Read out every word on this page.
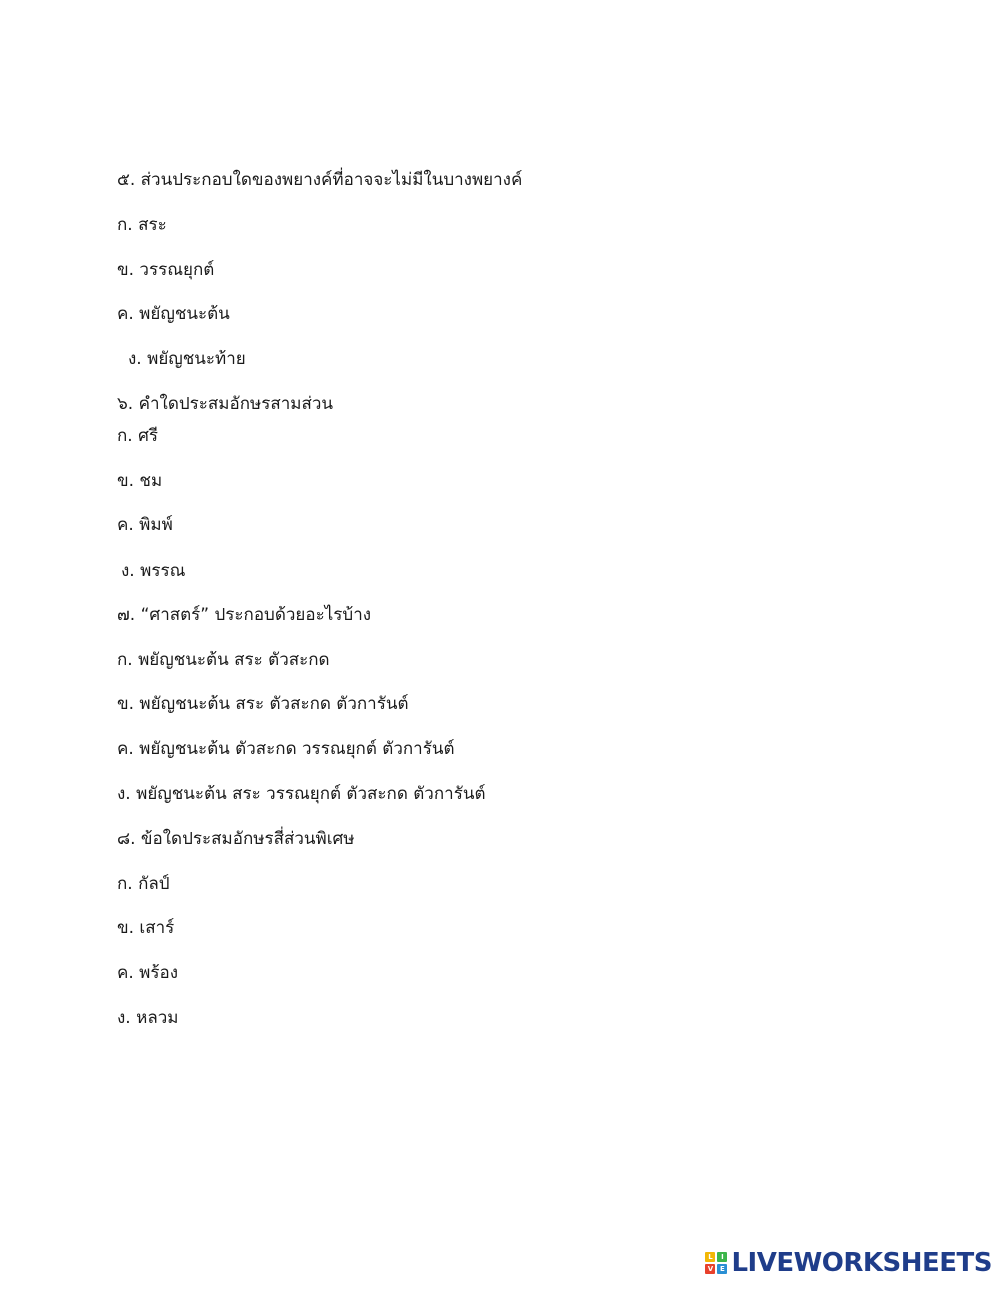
๕. ส่วนประกอบใดของพยางค์ที่อาจจะไม่มีในบางพยางค์
ก. สระ
ข. วรรณยุกต์
ค. พยัญชนะต้น
ง. พยัญชนะท้าย
๖. คำใดประสมอักษรสามส่วน
ก. ศรี
ข. ชม
ค. พิมพ์
ง. พรรณ
๗. “ศาสตร์” ประกอบด้วยอะไรบ้าง
ก. พยัญชนะต้น สระ ตัวสะกด
ข. พยัญชนะต้น สระ ตัวสะกด ตัวการันต์
ค. พยัญชนะต้น ตัวสะกด วรรณยุกต์ ตัวการันต์
ง. พยัญชนะต้น สระ วรรณยุกต์ ตัวสะกด ตัวการันต์
๘. ข้อใดประสมอักษรสี่ส่วนพิเศษ
ก. กัลป์
ข. เสาร์
ค. พร้อง
ง. หลวม
L	I
V E LIVEWORKSHEETS
